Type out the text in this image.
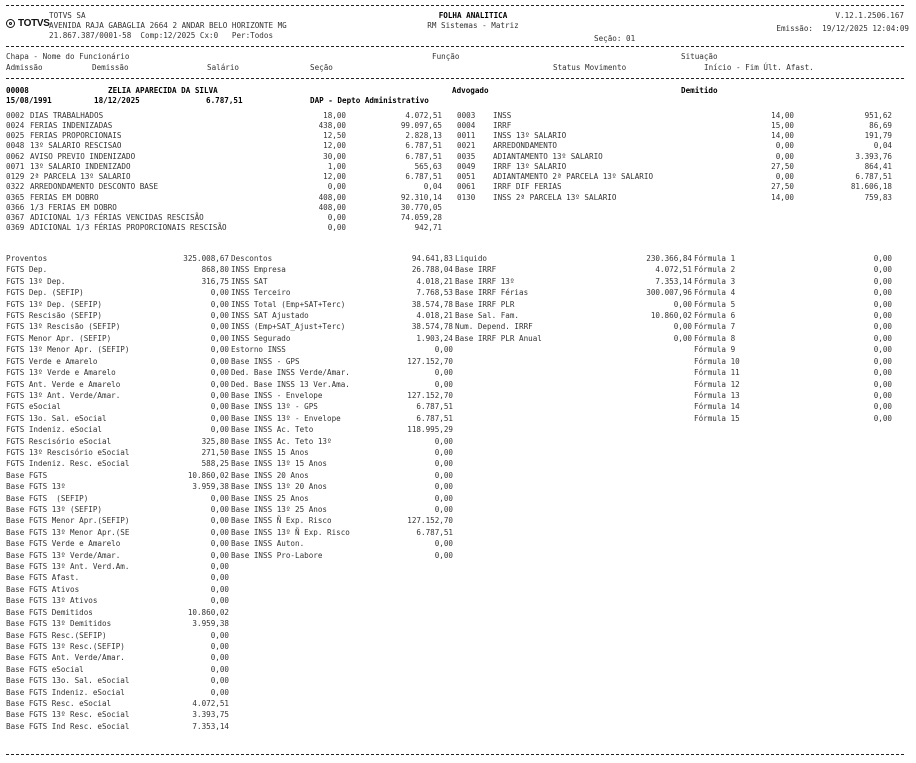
TOTVS SA
TOTVS AVENIDA RAJA GABAGLIA 2664 2 ANDAR BELO HORIZONTE MG
21.867.387/0001-58  Comp:12/2025 Cx:0   Per:Todos
FOLHA ANALITICA
RM Sistemas - Matriz
V.12.1.2506.167
Emissão:  19/12/2025 12:04:09
Seção: 01
Chapa - Nome do Funcionário	Função	Situação
Admissão	Demissão	Salário	Seção	Status Movimento	Início - Fim Últ. Afast.
00008	ZELIA APARECIDA DA SILVA	Advogado	Demitido
15/08/1991	18/12/2025	6.787,51	DAP - Depto Administrativo
0002 DIAS TRABALHADOS	18,00	4.072,51
0024 FERIAS INDENIZADAS	438,00	99.097,65
0025 FERIAS PROPORCIONAIS	12,50	2.828,13
0048 13º SALARIO RESCISAO	12,00	6.787,51
0062 AVISO PREVIO INDENIZADO	30,00	6.787,51
0071 13º SALARIO INDENIZADO	1,00	565,63
0129 2ª PARCELA 13º SALARIO	12,00	6.787,51
0322 ARREDONDAMENTO DESCONTO BASE	0,00	0,04
0365 FERIAS EM DOBRO	408,00	92.310,14
0366 1/3 FERIAS EM DOBRO	408,00	30.770,05
0367 ADICIONAL 1/3 FÉRIAS VENCIDAS RESCISÃO	0,00	74.059,28
0369 ADICIONAL 1/3 FÉRIAS PROPORCIONAIS RESCISÃO	0,00	942,71
0003 INSS	14,00	951,62
0004 IRRF	15,00	86,69
0011 INSS 13º SALARIO	14,00	191,79
0021 ARREDONDAMENTO	0,00	0,04
0035 ADIANTAMENTO 13º SALARIO	0,00	3.393,76
0049 IRRF 13º SALARIO	27,50	864,41
0051 ADIANTAMENTO 2ª PARCELA 13º SALARIO	0,00	6.787,51
0061 IRRF DIF FERIAS	27,50	81.606,18
0130 INSS 2ª PARCELA 13º SALARIO	14,00	759,83
Proventos	325.008,67
FGTS Dep.	868,80
FGTS 13º Dep.	316,75
FGTS Dep. (SEFIP)	0,00
FGTS 13º Dep. (SEFIP)	0,00
FGTS Rescisão (SEFIP)	0,00
FGTS 13º Rescisão (SEFIP)	0,00
FGTS Menor Apr. (SEFIP)	0,00
FGTS 13º Menor Apr. (SEFIP)	0,00
FGTS Verde e Amarelo	0,00
FGTS 13º Verde e Amarelo	0,00
FGTS Ant. Verde e Amarelo	0,00
FGTS 13º Ant. Verde/Amar.	0,00
FGTS eSocial	0,00
FGTS 13o. Sal. eSocial	0,00
FGTS Indeniz. eSocial	0,00
FGTS Rescisório eSocial	325,80
FGTS 13º Rescisório eSocial	271,50
FGTS Indeniz. Resc. eSocial	588,25
Base FGTS	10.860,02
Base FGTS 13º	3.959,38
Base FGTS  (SEFIP)	0,00
Base FGTS 13º (SEFIP)	0,00
Base FGTS Menor Apr.(SEFIP)	0,00
Base FGTS 13º Menor Apr.(SE	0,00
Base FGTS Verde e Amarelo	0,00
Base FGTS 13º Verde/Amar.	0,00
Base FGTS 13º Ant. Verd.Am.	0,00
Base FGTS Afast.	0,00
Base FGTS Ativos	0,00
Base FGTS 13º Ativos	0,00
Base FGTS Demitidos	10.860,02
Base FGTS 13º Demitidos	3.959,38
Base FGTS Resc.(SEFIP)	0,00
Base FGTS 13º Resc.(SEFIP)	0,00
Base FGTS Ant. Verde/Amar.	0,00
Base FGTS eSocial	0,00
Base FGTS 13o. Sal. eSocial	0,00
Base FGTS Indeniz. eSocial	0,00
Base FGTS Resc. eSocial	4.072,51
Base FGTS 13º Resc. eSocial	3.393,75
Base FGTS Ind Resc. eSocial	7.353,14
Descontos	94.641,83
INSS Empresa	26.788,04
INSS SAT	4.018,21
INSS Terceiro	7.768,53
INSS Total (Emp+SAT+Terc)	38.574,78
INSS SAT Ajustado	4.018,21
INSS (Emp+SAT_Ajust+Terc)	38.574,78
INSS Segurado	1.903,24
Estorno INSS	0,00
Base INSS - GPS	127.152,70
Ded. Base INSS Verde/Amar.	0,00
Ded. Base INSS 13 Ver.Ama.	0,00
Base INSS - Envelope	127.152,70
Base INSS 13º - GPS	6.787,51
Base INSS 13º - Envelope	6.787,51
Base INSS Ac. Teto	118.995,29
Base INSS Ac. Teto 13º	0,00
Base INSS 15 Anos	0,00
Base INSS 13º 15 Anos	0,00
Base INSS 20 Anos	0,00
Base INSS 13º 20 Anos	0,00
Base INSS 25 Anos	0,00
Base INSS 13º 25 Anos	0,00
Base INSS Ñ Exp. Risco	127.152,70
Base INSS 13º Ñ Exp. Risco	6.787,51
Base INSS Auton.	0,00
Base INSS Pro-Labore	0,00
Liquido	230.366,84
Base IRRF	4.072,51
Base IRRF 13º	7.353,14
Base IRRF Férias	300.007,96
Base IRRF PLR	0,00
Base Sal. Fam.	10.860,02
Num. Depend. IRRF	0,00
Base IRRF PLR Anual	0,00
Fórmula 1	0,00
Fórmula 2	0,00
Fórmula 3	0,00
Fórmula 4	0,00
Fórmula 5	0,00
Fórmula 6	0,00
Fórmula 7	0,00
Fórmula 8	0,00
Fórmula 9	0,00
Fórmula 10	0,00
Fórmula 11	0,00
Fórmula 12	0,00
Fórmula 13	0,00
Fórmula 14	0,00
Fórmula 15	0,00
